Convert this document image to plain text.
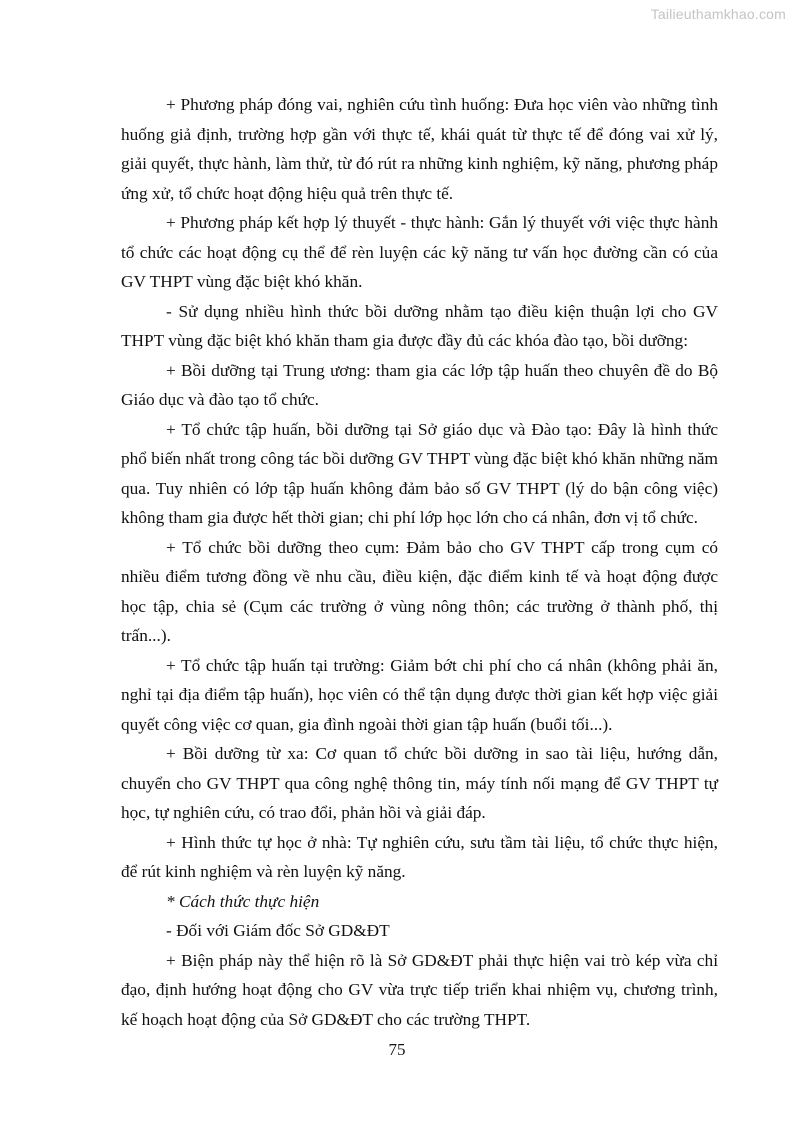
Tailieuthamkhao.com

+ Phương pháp đóng vai, nghiên cứu tình huống: Đưa học viên vào những tình huống giả định, trường hợp gần với thực tế, khái quát từ thực tế để đóng vai xử lý, giải quyết, thực hành, làm thử, từ đó rút ra những kinh nghiệm, kỹ năng, phương pháp ứng xử, tổ chức hoạt động hiệu quả trên thực tế.

+ Phương pháp kết hợp lý thuyết - thực hành: Gắn lý thuyết với việc thực hành tổ chức các hoạt động cụ thể để rèn luyện các kỹ năng tư vấn học đường cần có của GV THPT vùng đặc biệt khó khăn.

- Sử dụng nhiều hình thức bồi dưỡng nhằm tạo điều kiện thuận lợi cho GV THPT vùng đặc biệt khó khăn tham gia được đầy đủ các khóa đào tạo, bồi dưỡng:

+ Bồi dưỡng tại Trung ương: tham gia các lớp tập huấn theo chuyên đề do Bộ Giáo dục và đào tạo tổ chức.

+ Tổ chức tập huấn, bồi dưỡng tại Sở giáo dục và Đào tạo: Đây là hình thức phổ biến nhất trong công tác bồi dưỡng GV THPT vùng đặc biệt khó khăn những năm qua. Tuy nhiên có lớp tập huấn không đảm bảo số GV THPT (lý do bận công việc) không tham gia được hết thời gian; chi phí lớp học lớn cho cá nhân, đơn vị tổ chức.

+ Tổ chức bồi dưỡng theo cụm: Đảm bảo cho GV THPT cấp trong cụm có nhiều điểm tương đồng về nhu cầu, điều kiện, đặc điểm kinh tế và hoạt động được học tập, chia sẻ (Cụm các trường ở vùng nông thôn; các trường ở thành phố, thị trấn...).

+ Tổ chức tập huấn tại trường: Giảm bớt chi phí cho cá nhân (không phải ăn, nghỉ tại địa điểm tập huấn), học viên có thể tận dụng được thời gian kết hợp việc giải quyết công việc cơ quan, gia đình ngoài thời gian tập huấn (buổi tối...).

+ Bồi dưỡng từ xa: Cơ quan tổ chức bồi dưỡng in sao tài liệu, hướng dẫn, chuyển cho GV THPT qua công nghệ thông tin, máy tính nối mạng để GV THPT tự học, tự nghiên cứu, có trao đổi, phản hồi và giải đáp.

+ Hình thức tự học ở nhà: Tự nghiên cứu, sưu tầm tài liệu, tổ chức thực hiện, để rút kinh nghiệm và rèn luyện kỹ năng.

* Cách thức thực hiện

- Đối với Giám đốc Sở GD&ĐT

+ Biện pháp này thể hiện rõ là Sở GD&ĐT phải thực hiện vai trò kép vừa chỉ đạo, định hướng hoạt động cho GV vừa trực tiếp triển khai nhiệm vụ, chương trình, kế hoạch hoạt động của Sở GD&ĐT cho các trường THPT.

75
